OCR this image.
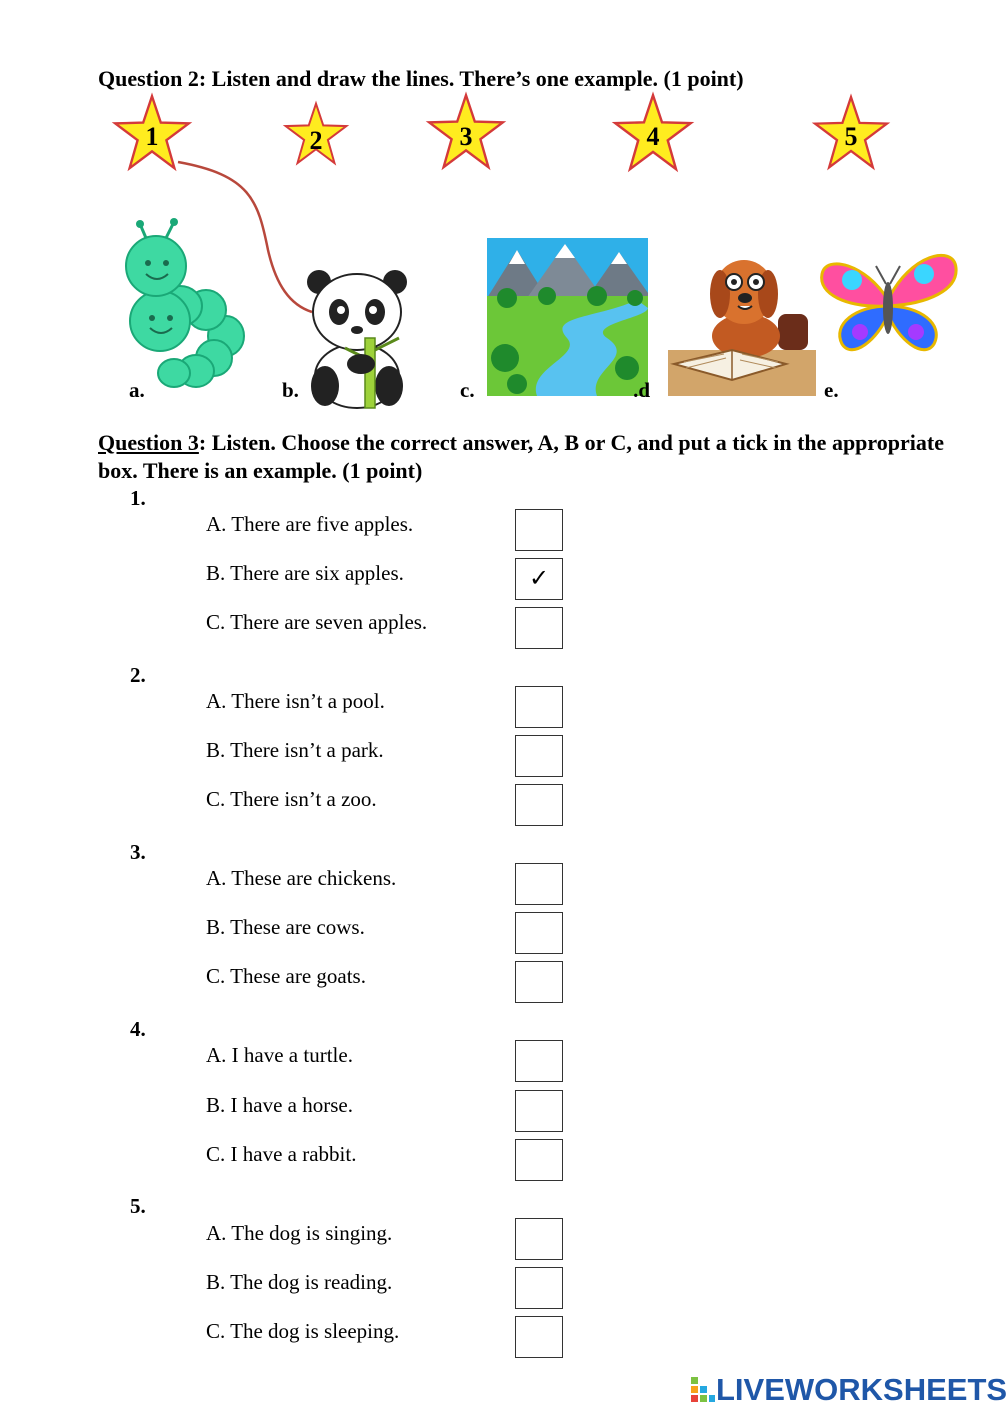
Question 2: Listen and draw the lines. There’s one example. (1 point)
1	2	3	4	5
a.	b.	c.	d.	e.
Question 3: Listen. Choose the correct answer, A, B or C, and put a tick in the appropriate box. There is an example. (1 point)
1.
A. There are five apples.
B. There are six apples.	✓
C. There are seven apples.
2.
A. There isn’t a pool.
B. There isn’t a park.
C. There isn’t a zoo.
3.
A. These are chickens.
B. These are cows.
C. These are goats.
4.
A. I have a turtle.
B. I have a horse.
C. I have a rabbit.
5.
A. The dog is singing.
B. The dog is reading.
C. The dog is sleeping.
LIVEWORKSHEETS
